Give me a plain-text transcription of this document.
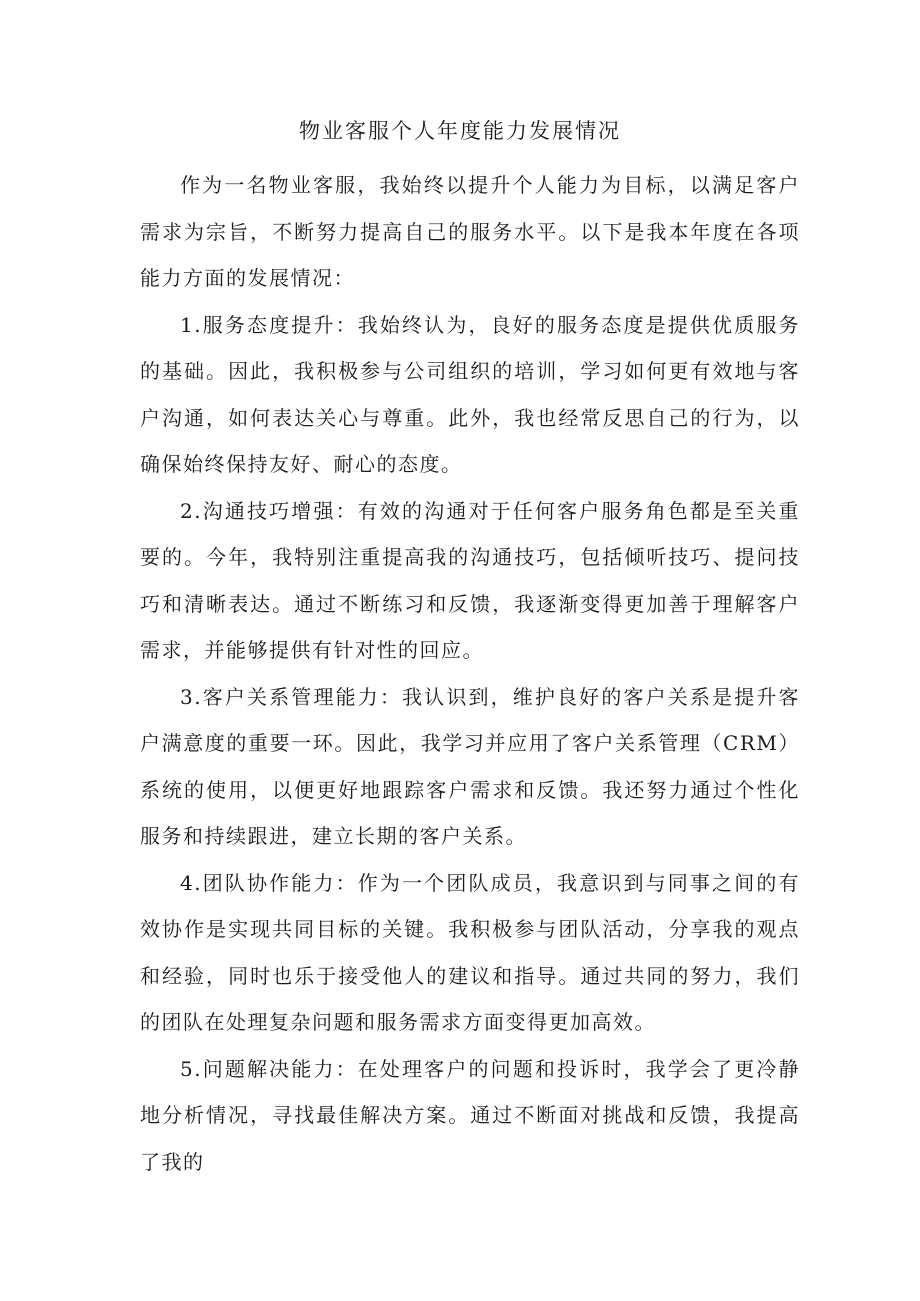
物业客服个人年度能力发展情况

作为一名物业客服，我始终以提升个人能力为目标，以满足客户需求为宗旨，不断努力提高自己的服务水平。以下是我本年度在各项能力方面的发展情况：

1.服务态度提升：我始终认为，良好的服务态度是提供优质服务的基础。因此，我积极参与公司组织的培训，学习如何更有效地与客户沟通，如何表达关心与尊重。此外，我也经常反思自己的行为，以确保始终保持友好、耐心的态度。

2.沟通技巧增强：有效的沟通对于任何客户服务角色都是至关重要的。今年，我特别注重提高我的沟通技巧，包括倾听技巧、提问技巧和清晰表达。通过不断练习和反馈，我逐渐变得更加善于理解客户需求，并能够提供有针对性的回应。

3.客户关系管理能力：我认识到，维护良好的客户关系是提升客户满意度的重要一环。因此，我学习并应用了客户关系管理（CRM）系统的使用，以便更好地跟踪客户需求和反馈。我还努力通过个性化服务和持续跟进，建立长期的客户关系。

4.团队协作能力：作为一个团队成员，我意识到与同事之间的有效协作是实现共同目标的关键。我积极参与团队活动，分享我的观点和经验，同时也乐于接受他人的建议和指导。通过共同的努力，我们的团队在处理复杂问题和服务需求方面变得更加高效。

5.问题解决能力：在处理客户的问题和投诉时，我学会了更冷静地分析情况，寻找最佳解决方案。通过不断面对挑战和反馈，我提高了我的
